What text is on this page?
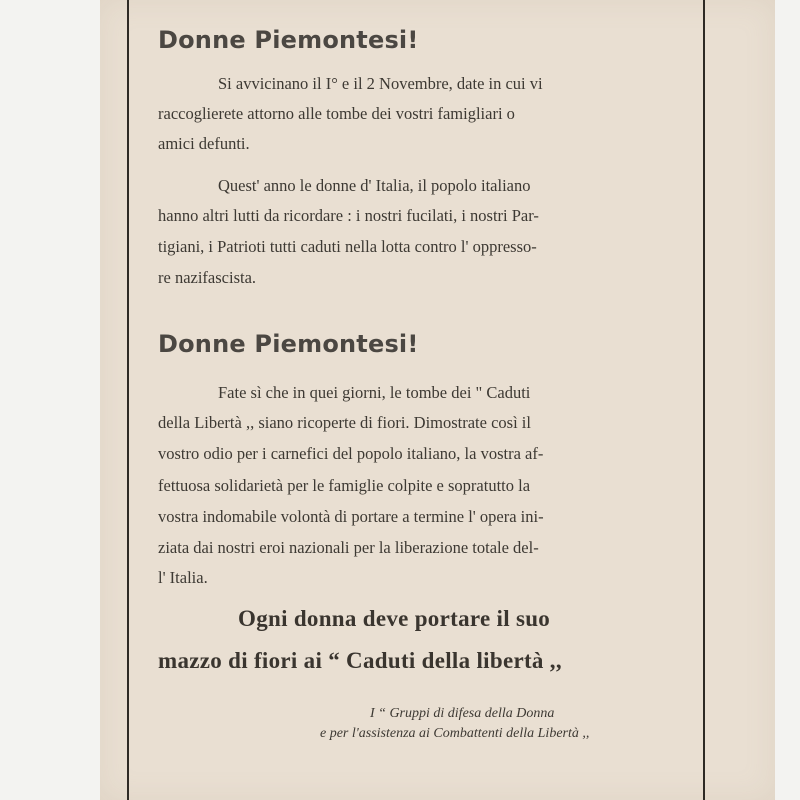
Donne Piemontesi!

Si avvicinano il I° e il 2 Novembre, date in cui vi

raccoglierete attorno alle tombe dei vostri famigliari o

amici defunti.

Quest' anno le donne d' Italia, il popolo italiano

hanno altri lutti da ricordare : i nostri fucilati, i nostri Par-

tigiani, i Patrioti tutti caduti nella lotta contro l' oppresso-

re nazifascista.

Donne Piemontesi!

Fate sì che in quei giorni, le tombe dei " Caduti

della Libertà ,, siano ricoperte di fiori. Dimostrate così il

vostro odio per i carnefici del popolo italiano, la vostra af-

fettuosa solidarietà per le famiglie colpite e sopratutto la

vostra indomabile volontà di portare a termine l' opera ini-

ziata dai nostri eroi nazionali per la liberazione totale del-

l' Italia.

Ogni donna deve portare il suo

mazzo di fiori ai “ Caduti della libertà ,,

I “ Gruppi di difesa della Donna

e per l'assistenza ai Combattenti della Libertà ,,
